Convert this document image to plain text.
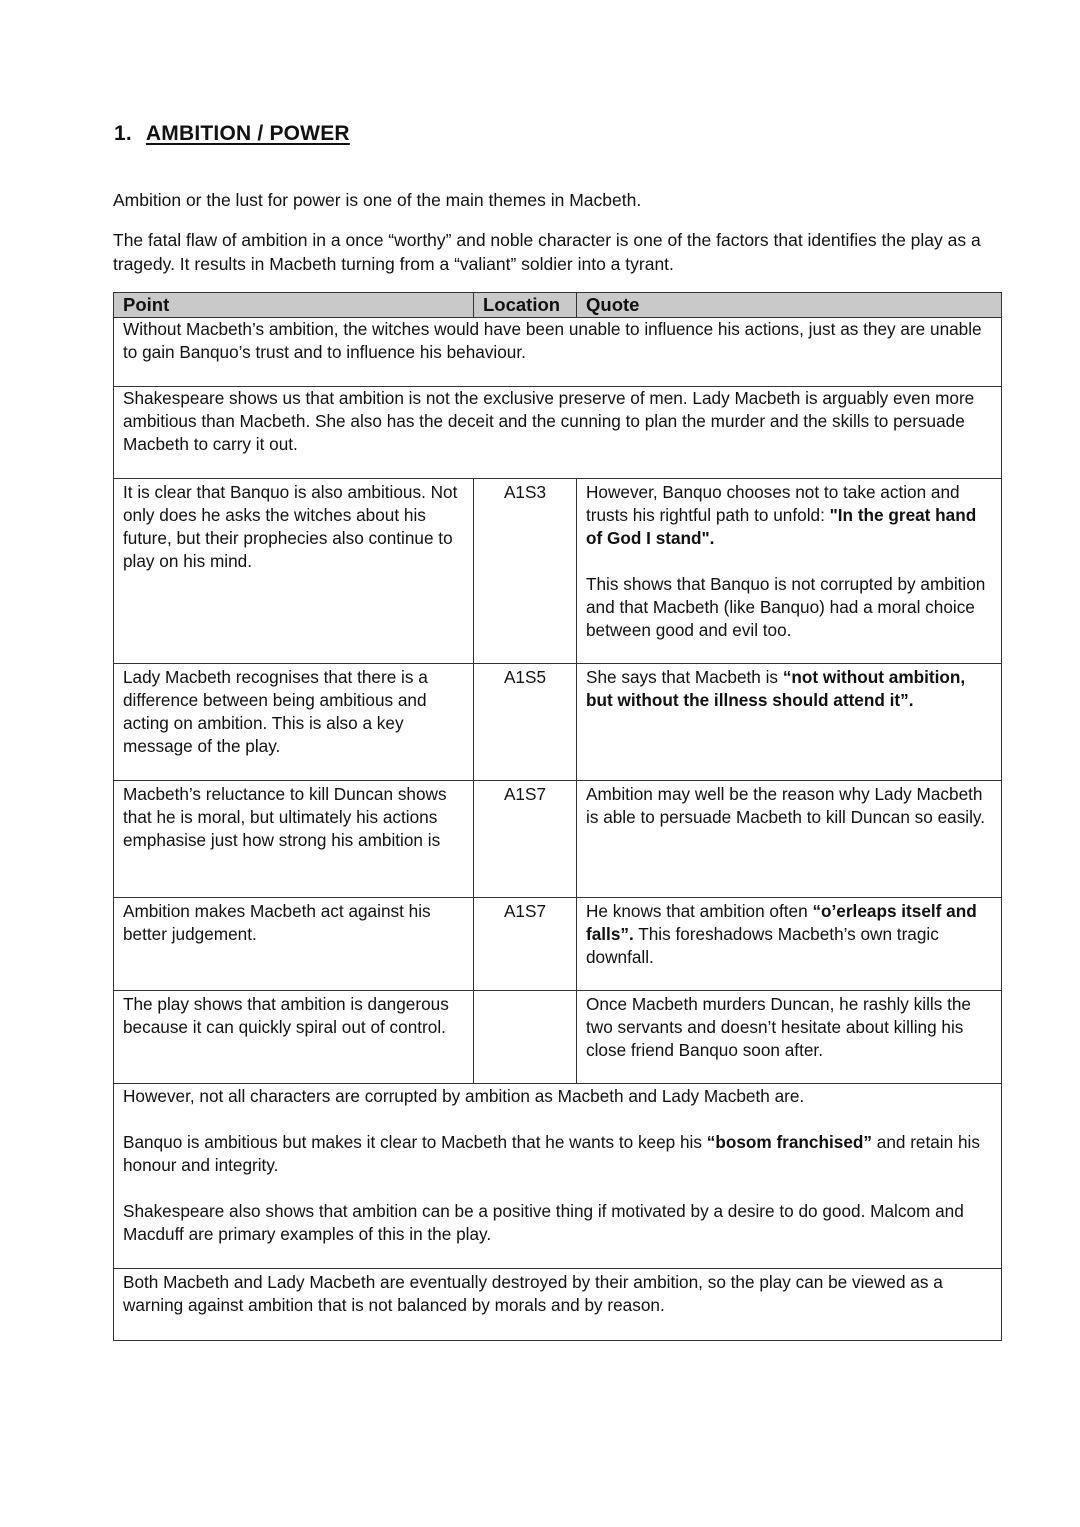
1. AMBITION / POWER
Ambition or the lust for power is one of the main themes in Macbeth.
The fatal flaw of ambition in a once “worthy” and noble character is one of the factors that identifies the play as a tragedy. It results in Macbeth turning from a “valiant” soldier into a tyrant.
Point	Location	Quote
Without Macbeth’s ambition, the witches would have been unable to influence his actions, just as they are unable to gain Banquo’s trust and to influence his behaviour.		
Shakespeare shows us that ambition is not the exclusive preserve of men. Lady Macbeth is arguably even more ambitious than Macbeth. She also has the deceit and the cunning to plan the murder and the skills to persuade Macbeth to carry it out.		
It is clear that Banquo is also ambitious. Not only does he asks the witches about his future, but their prophecies also continue to play on his mind.	A1S3	However, Banquo chooses not to take action and trusts his rightful path to unfold: "In the great hand of God I stand".
This shows that Banquo is not corrupted by ambition and that Macbeth (like Banquo) had a moral choice between good and evil too.

Lady Macbeth recognises that there is a difference between being ambitious and acting on ambition. This is also a key message of the play.	A1S5	She says that Macbeth is “not without ambition, but without the illness should attend it”.
Macbeth’s reluctance to kill Duncan shows that he is moral, but ultimately his actions emphasise just how strong his ambition is	A1S7	Ambition may well be the reason why Lady Macbeth is able to persuade Macbeth to kill Duncan so easily.
Ambition makes Macbeth act against his better judgement.	A1S7	He knows that ambition often “o’erleaps itself and falls”. This foreshadows Macbeth’s own tragic downfall.
The play shows that ambition is dangerous because it can quickly spiral out of control.		Once Macbeth murders Duncan, he rashly kills the two servants and doesn’t hesitate about killing his close friend Banquo soon after.

However, not all characters are corrupted by ambition as Macbeth and Lady Macbeth are.
Banquo is ambitious but makes it clear to Macbeth that he wants to keep his “bosom franchised” and retain his honour and integrity.
Shakespeare also shows that ambition can be a positive thing if motivated by a desire to do good. Malcom and Macduff are primary examples of this in the play.		

Both Macbeth and Lady Macbeth are eventually destroyed by their ambition, so the play can be viewed as a warning against ambition that is not balanced by morals and by reason.		
